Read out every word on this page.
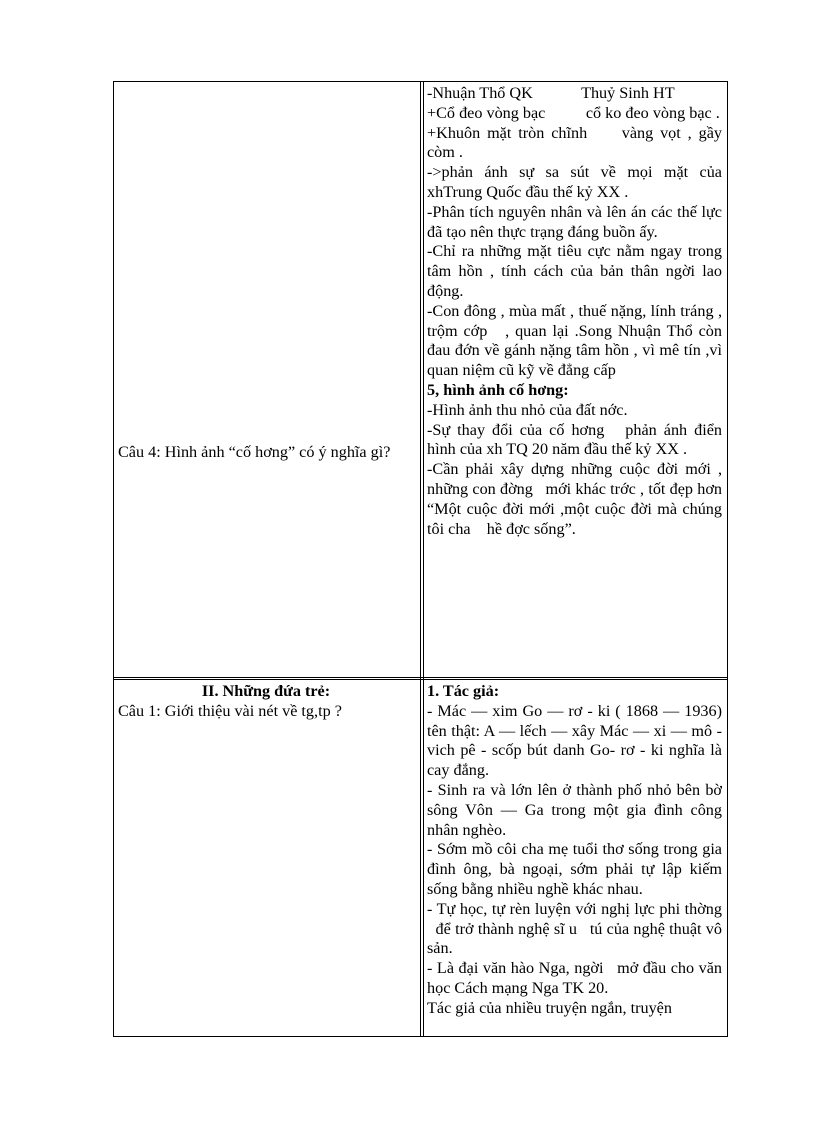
-Nhuận Thổ QK            Thuỷ Sinh HT

+Cổ đeo vòng bạc          cổ ko đeo vòng bạc .

+Khuôn mặt tròn chĩnh     vàng vọt , gầy còm .

->phản ánh sự sa sút về mọi mặt của xhTrung Quốc đầu thế kỷ XX .

-Phân tích nguyên nhân và lên án các thế lực đã tạo nên thực trạng đáng buồn ấy.

-Chỉ ra những mặt tiêu cực nằm ngay trong tâm hồn , tính cách của bản thân ngời lao động.

-Con đông , mùa mất , thuế nặng, lính tráng , trộm cớp   , quan lại .Song Nhuận Thổ còn đau đớn về gánh nặng tâm hồn , vì mê tín ,vì quan niệm cũ kỹ về đẳng cấp

5, hình ảnh cố hơng:

-Hình ảnh thu nhỏ của đất nớc.

-Sự thay đổi của cố hơng   phản ánh điển hình của xh TQ 20 năm đầu thế kỷ XX .

-Cần phải xây dựng những cuộc đời mới , những con đờng   mới khác trớc , tốt đẹp hơn “Một cuộc đời mới ,một cuộc đời mà chúng tôi cha    hề đợc sống”.

Câu 4: Hình ảnh “cố hơng” có ý nghĩa gì?

II. Những đứa trẻ:

Câu 1: Giới thiệu vài nét về tg,tp ?

1. Tác giả:

- Mác — xim Go — rơ - ki ( 1868 — 1936) tên thật: A — lếch — xây Mác — xi — mô - vich pê - scốp bút danh Go- rơ - ki nghĩa là cay đắng.

- Sinh ra và lớn lên ở thành phố nhỏ bên bờ sông Vôn — Ga trong một gia đình công nhân nghèo.

- Sớm mồ côi cha mẹ tuổi thơ sống trong gia đình ông, bà ngoại, sớm phải tự lập kiếm sống bằng nhiều nghề khác nhau.

- Tự học, tự rèn luyện với nghị lực phi thờng   để trở thành nghệ sĩ u   tú của nghệ thuật vô sản.

- Là đại văn hào Nga, ngời   mở đầu cho văn học Cách mạng Nga TK 20.

Tác giả của nhiều truyện ngắn, truyện
